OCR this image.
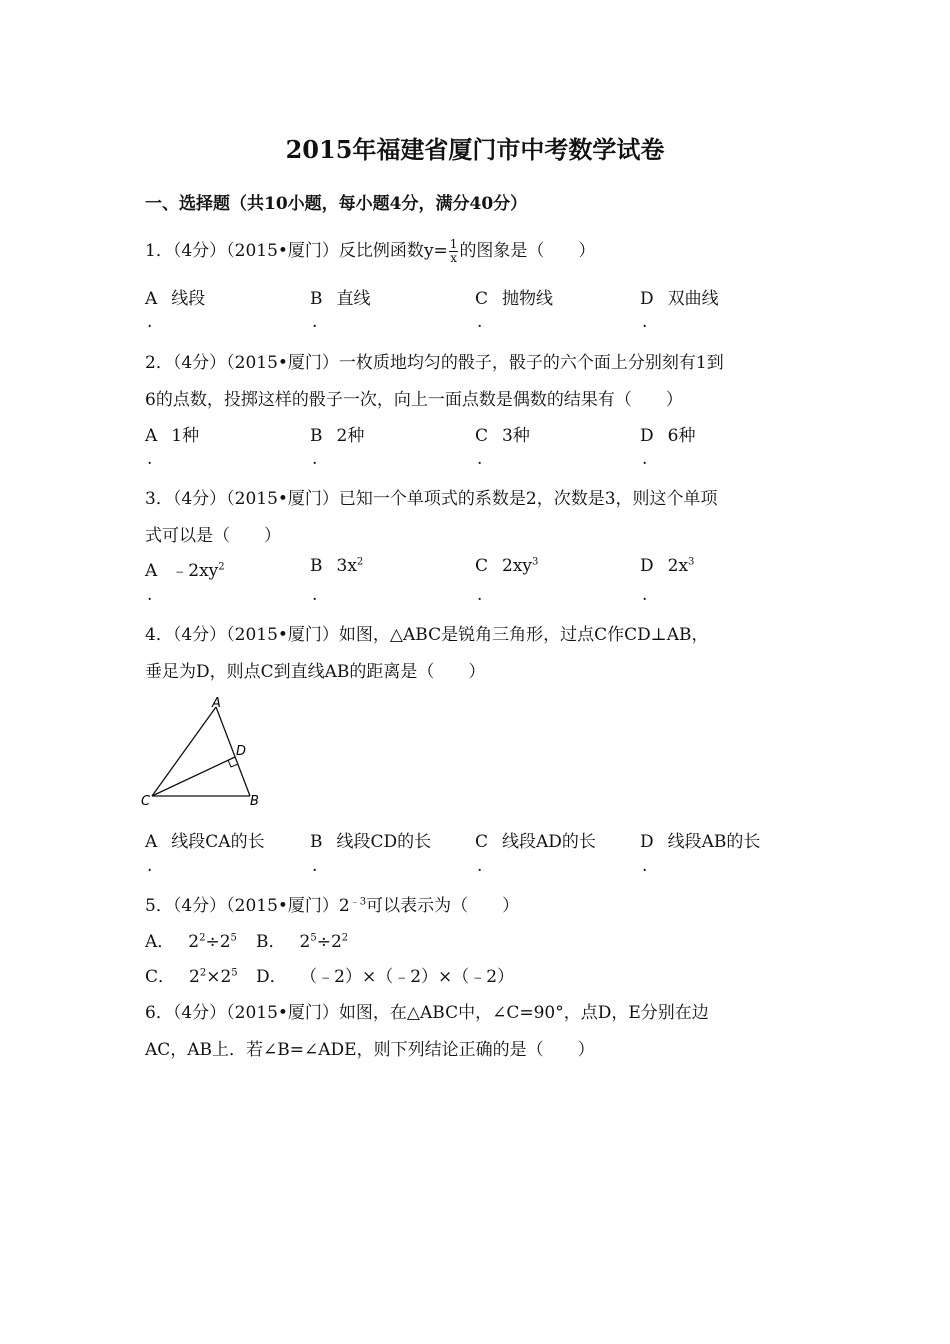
2015年福建省厦门市中考数学试卷
一、选择题（共10小题，每小题4分，满分40分）
1．（4分）（2015•厦门）反比例函数$y= \frac{1}{x}$ 的图象是（　　）
A 线段	B 直线	C 抛物线	D 双曲线
.	.	.	.
2．（4分）（2015•厦门）一枚质地均匀的骰子，骰子的六个面上分别刻有1到
6的点数，投掷这样的骰子一次，向上一面点数是偶数的结果有（　　）
A 1种	B 2种	C 3种	D 6种
.	.	.	.
3．（4分）（2015•厦门）已知一个单项式的系数是2，次数是3，则这个单项
式可以是（　　）
A $﹣2xy^2$	B $3x^2$	C $2xy^3$	D $2x^3$
.	.	.	.
4．（4分）（2015•厦门）如图，△ABC是锐角三角形，过点C作CD⊥AB，
垂足为D，则点C到直线AB的距离是（　　）
A
D
C	B
A 线段CA的长	B 线段CD的长	C 线段AD的长	D 线段AB的长
.	.	.	.
5．（4分）（2015•厦门）$2^{﹣3}$可以表示为（　　）
A． $2^2\div 2^5$ B． $2^5\div 2^2$
C． $2^2\times 2^5$ D． （﹣2）×（﹣2）×（﹣2）
6．（4分）（2015•厦门）如图，在△ABC中，∠C=90°，点D，E分别在边
AC，AB上．若∠B=∠ADE，则下列结论正确的是（　　）
